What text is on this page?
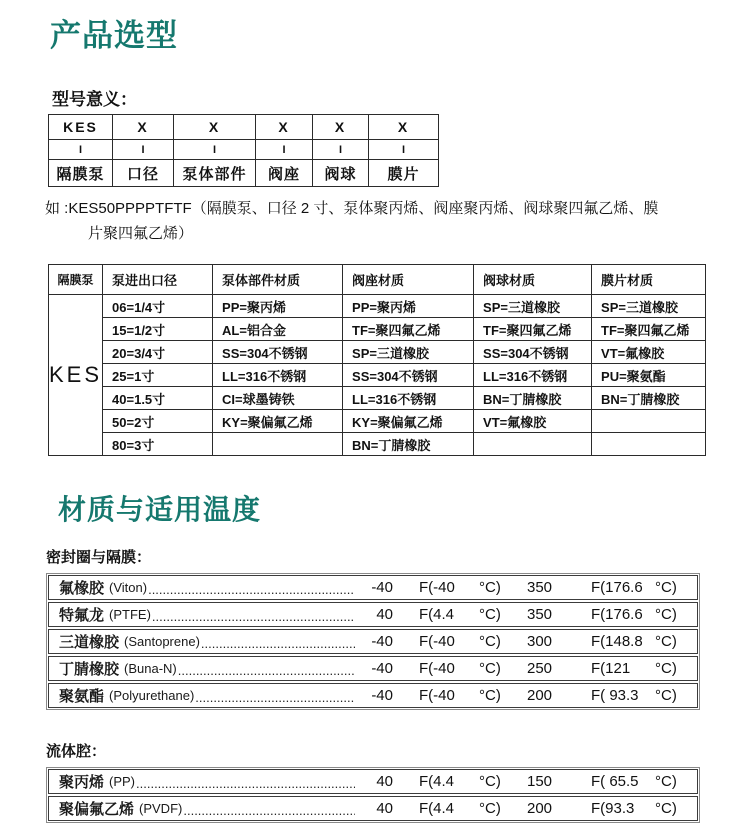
产品选型
型号意义：
KES	X	X	X	X	X
I	I	I	I	I	I
隔膜泵	口径	泵体部件	阀座	阀球	膜片

如 :KES50PPPPTFTF（隔膜泵、口径 2 寸、泵体聚丙烯、阀座聚丙烯、阀球聚四氟乙烯、膜
片聚四氟乙烯）

隔膜泵	泵进出口径	泵体部件材质	阀座材质	阀球材质	膜片材质
KES	06=1/4寸	PP=聚丙烯	PP=聚丙烯	SP=三道橡胶	SP=三道橡胶
	15=1/2寸	AL=铝合金	TF=聚四氟乙烯	TF=聚四氟乙烯	TF=聚四氟乙烯
	20=3/4寸	SS=304不锈钢	SP=三道橡胶	SS=304不锈钢	VT=氟橡胶
	25=1寸	LL=316不锈钢	SS=304不锈钢	LL=316不锈钢	PU=聚氨酯
	40=1.5寸	CI=球墨铸铁	LL=316不锈钢	BN=丁腈橡胶	BN=丁腈橡胶
	50=2寸	KY=聚偏氟乙烯	KY=聚偏氟乙烯	VT=氟橡胶	
	80=3寸		BN=丁腈橡胶		
材质与适用温度
密封圈与隔膜：
氟橡胶 (Viton) .....	-40 F(-40	°C)	350	F(176.6 °C)
特氟龙 (PTFE) .....	40 F(4.4	°C)	350	F(176.6 °C)
三道橡胶 (Santoprene) .....	-40 F(-40	°C)	300	F(148.8 °C)
丁腈橡胶 (Buna-N) .....	-40 F(-40	°C)	250	F(121	°C)
聚氨酯 (Polyurethane) .....	-40 F(-40	°C)	200	F( 93.3	°C)
流体腔：
聚丙烯 (PP) .....	40 F(4.4	°C)	150	F( 65.5	°C)
聚偏氟乙烯 (PVDF) .....	40 F(4.4	°C)	200	F(93.3	°C)
